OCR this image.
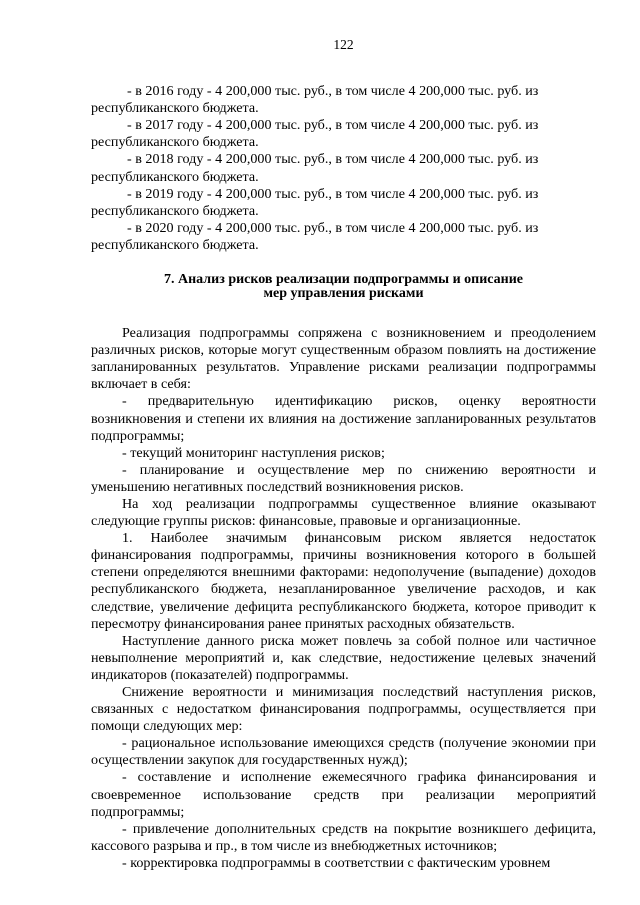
122

- в 2016 году - 4 200,000 тыс. руб., в том числе 4 200,000 тыс. руб. из

республиканского бюджета.

- в 2017 году - 4 200,000 тыс. руб., в том числе 4 200,000 тыс. руб. из

республиканского бюджета.

- в 2018 году - 4 200,000 тыс. руб., в том числе 4 200,000 тыс. руб. из

республиканского бюджета.

- в 2019 году - 4 200,000 тыс. руб., в том числе 4 200,000 тыс. руб. из

республиканского бюджета.

- в 2020 году - 4 200,000 тыс. руб., в том числе 4 200,000 тыс. руб. из

республиканского бюджета.

7. Анализ рисков реализации подпрограммы и описание
мер управления рисками

Реализация подпрограммы сопряжена с возникновением и преодолением различных рисков, которые могут существенным образом повлиять на достижение запланированных результатов. Управление рисками реализации подпрограммы включает в себя:

- предварительную идентификацию рисков, оценку вероятности возникновения и степени их влияния на достижение запланированных результатов подпрограммы;

- текущий мониторинг наступления рисков;

- планирование и осуществление мер по снижению вероятности и уменьшению негативных последствий возникновения рисков.

На ход реализации подпрограммы существенное влияние оказывают следующие группы рисков: финансовые, правовые и организационные.

1. Наиболее значимым финансовым риском является недостаток финансирования подпрограммы, причины возникновения которого в большей степени определяются внешними факторами: недополучение (выпадение) доходов республиканского бюджета, незапланированное увеличение расходов, и как следствие, увеличение дефицита республиканского бюджета, которое приводит к пересмотру финансирования ранее принятых расходных обязательств.

Наступление данного риска может повлечь за собой полное или частичное невыполнение мероприятий и, как следствие, недостижение целевых значений индикаторов (показателей) подпрограммы.

Снижение вероятности и минимизация последствий наступления рисков, связанных с недостатком финансирования подпрограммы, осуществляется при помощи следующих мер:

- рациональное использование имеющихся средств (получение экономии при осуществлении закупок для государственных нужд);

- составление и исполнение ежемесячного графика финансирования и своевременное использование средств при реализации мероприятий подпрограммы;

- привлечение дополнительных средств на покрытие возникшего дефицита, кассового разрыва и пр., в том числе из внебюджетных источников;

- корректировка подпрограммы в соответствии с фактическим уровнем
